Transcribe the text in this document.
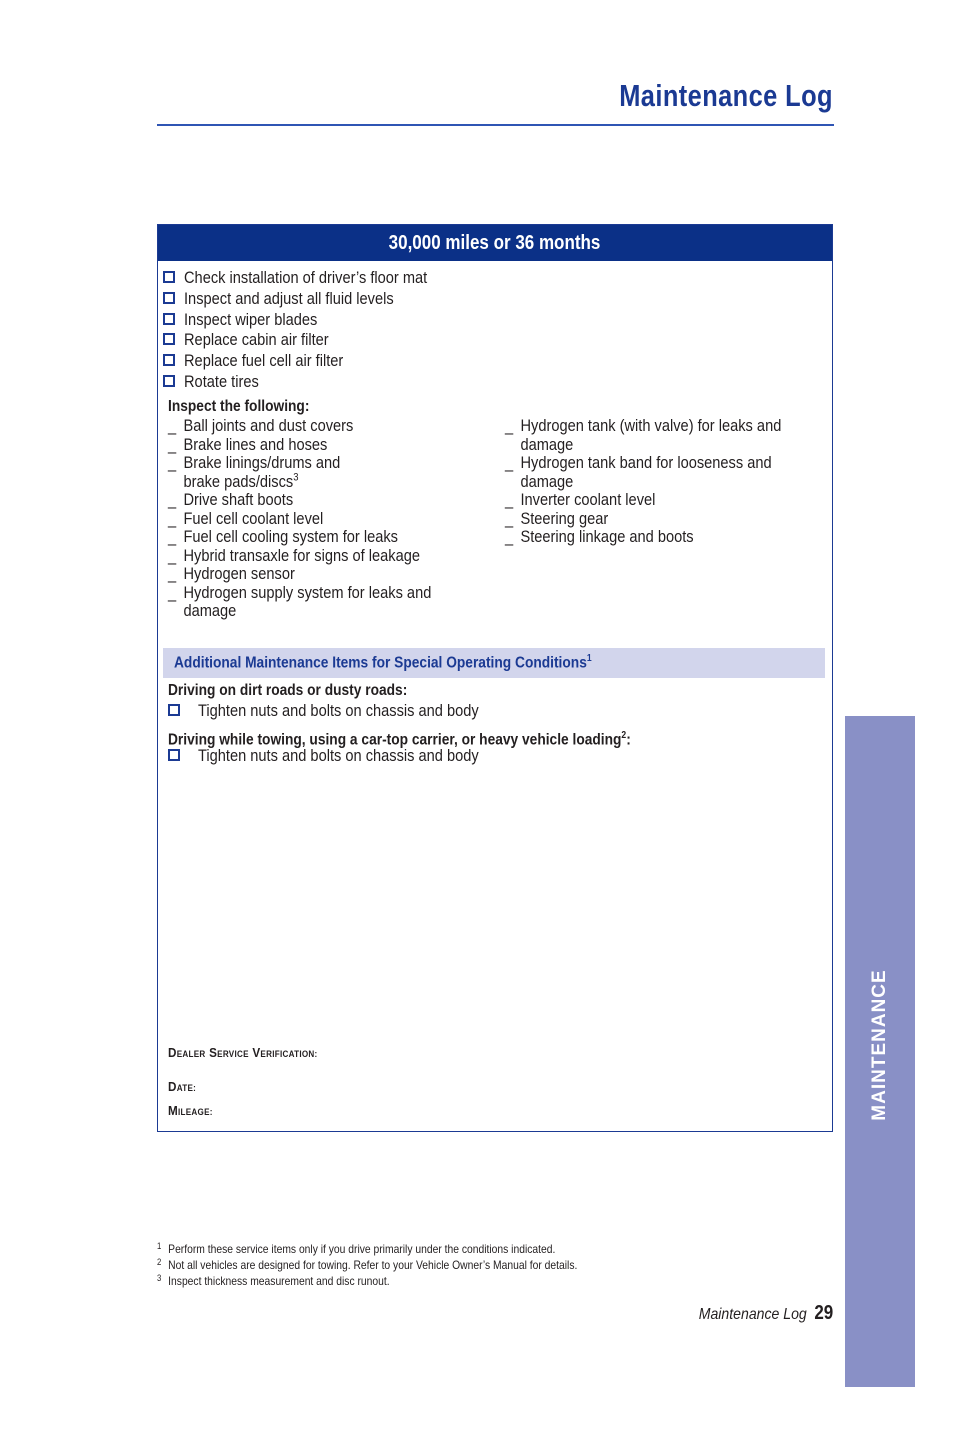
Maintenance Log
30,000 miles or 36 months
Check installation of driver’s floor mat
Inspect and adjust all fluid levels
Inspect wiper blades
Replace cabin air filter
Replace fuel cell air filter
Rotate tires
Inspect the following:
_ Ball joints and dust covers
_ Brake lines and hoses
_ Brake linings/drums and
brake pads/discs$^3$
_ Drive shaft boots
_ Fuel cell coolant level
_ Fuel cell cooling system for leaks
_ Hybrid transaxle for signs of leakage
_ Hydrogen sensor
_ Hydrogen supply system for leaks and
damage
_ Hydrogen tank (with valve) for leaks and
damage
_ Hydrogen tank band for looseness and
damage
_ Inverter coolant level
_ Steering gear
_ Steering linkage and boots
Additional Maintenance Items for Special Operating Conditions$^1$
Driving on dirt roads or dusty roads:
Tighten nuts and bolts on chassis and body
Driving while towing, using a car-top carrier, or heavy vehicle loading$^2$:
Tighten nuts and bolts on chassis and body
DEALER SERVICE VERIFICATION:
DATE:
MILEAGE:
1 Perform these service items only if you drive primarily under the conditions indicated.
2 Not all vehicles are designed for towing. Refer to your Vehicle Owner’s Manual for details.
3 Inspect thickness measurement and disc runout.
Maintenance Log 29
MAINTENANCE
